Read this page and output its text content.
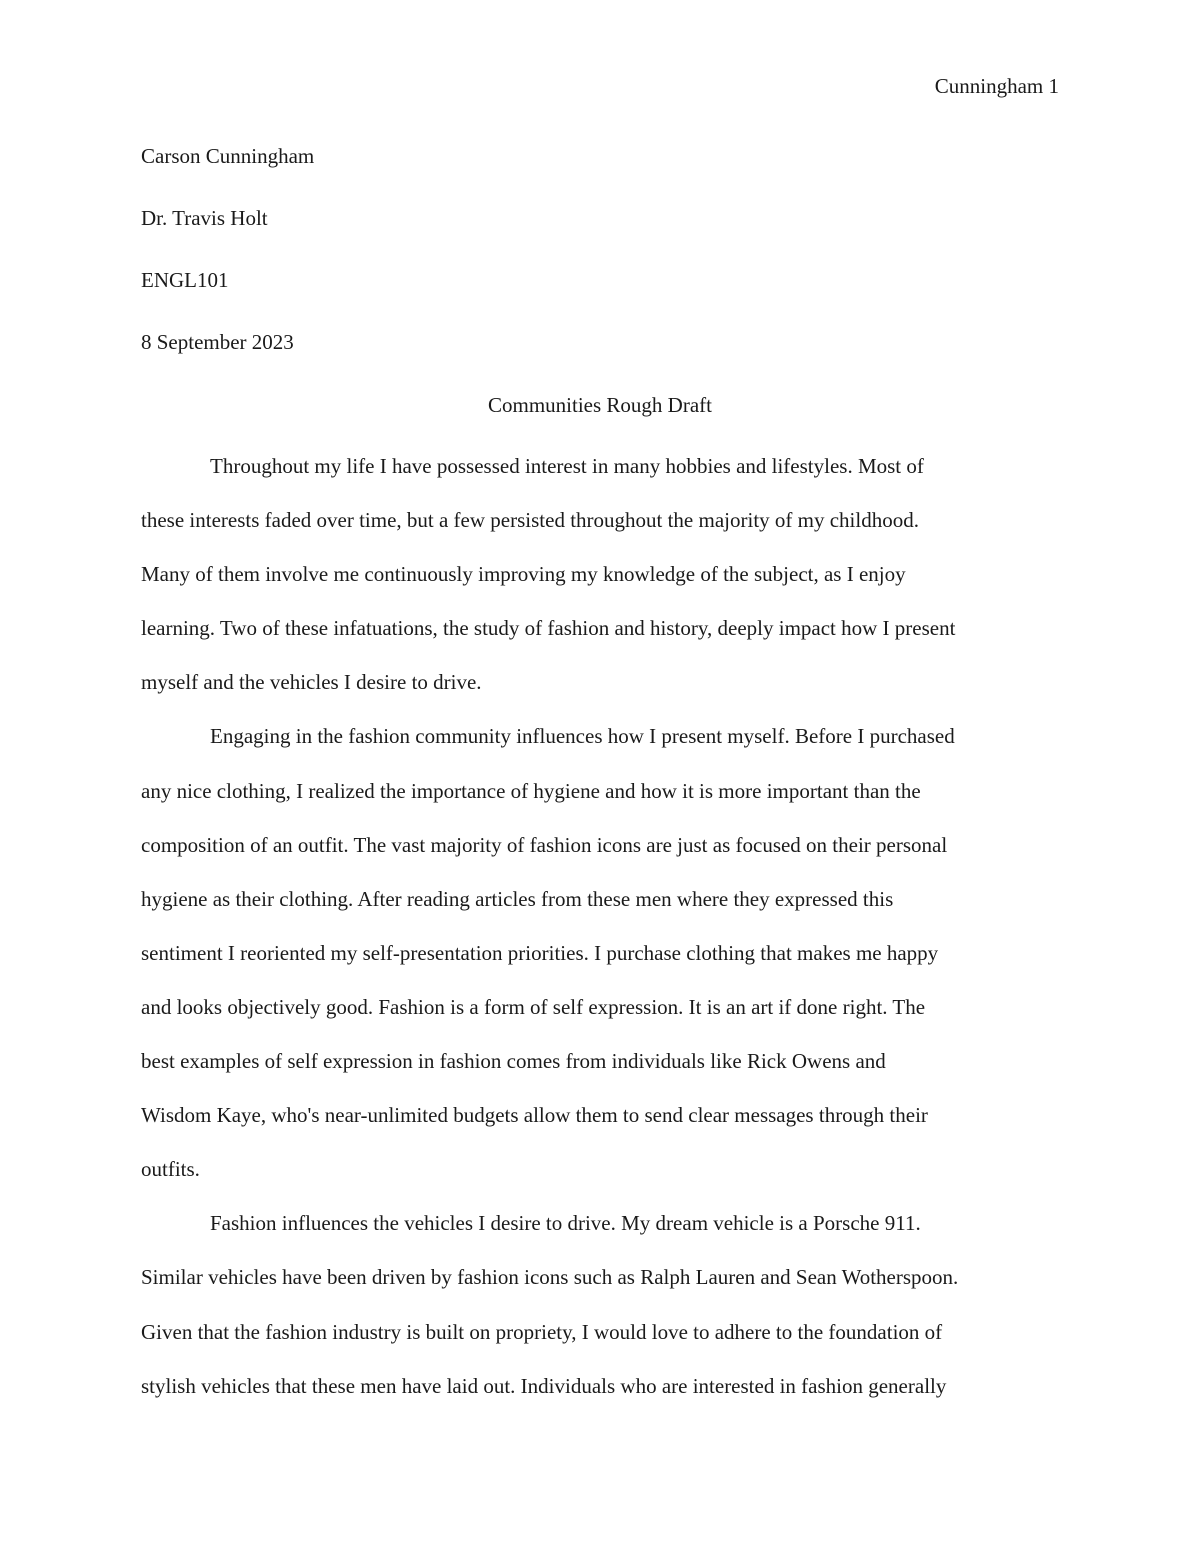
Cunningham 1
Carson Cunningham
Dr. Travis Holt
ENGL101
8 September 2023
Communities Rough Draft
Throughout my life I have possessed interest in many hobbies and lifestyles. Most of
these interests faded over time, but a few persisted throughout the majority of my childhood.
Many of them involve me continuously improving my knowledge of the subject, as I enjoy
learning. Two of these infatuations, the study of fashion and history, deeply impact how I present
myself and the vehicles I desire to drive.
Engaging in the fashion community influences how I present myself. Before I purchased
any nice clothing, I realized the importance of hygiene and how it is more important than the
composition of an outfit. The vast majority of fashion icons are just as focused on their personal
hygiene as their clothing. After reading articles from these men where they expressed this
sentiment I reoriented my self-presentation priorities. I purchase clothing that makes me happy
and looks objectively good. Fashion is a form of self expression. It is an art if done right. The
best examples of self expression in fashion comes from individuals like Rick Owens and
Wisdom Kaye, who's near-unlimited budgets allow them to send clear messages through their
outfits.
Fashion influences the vehicles I desire to drive. My dream vehicle is a Porsche 911.
Similar vehicles have been driven by fashion icons such as Ralph Lauren and Sean Wotherspoon.
Given that the fashion industry is built on propriety, I would love to adhere to the foundation of
stylish vehicles that these men have laid out. Individuals who are interested in fashion generally
